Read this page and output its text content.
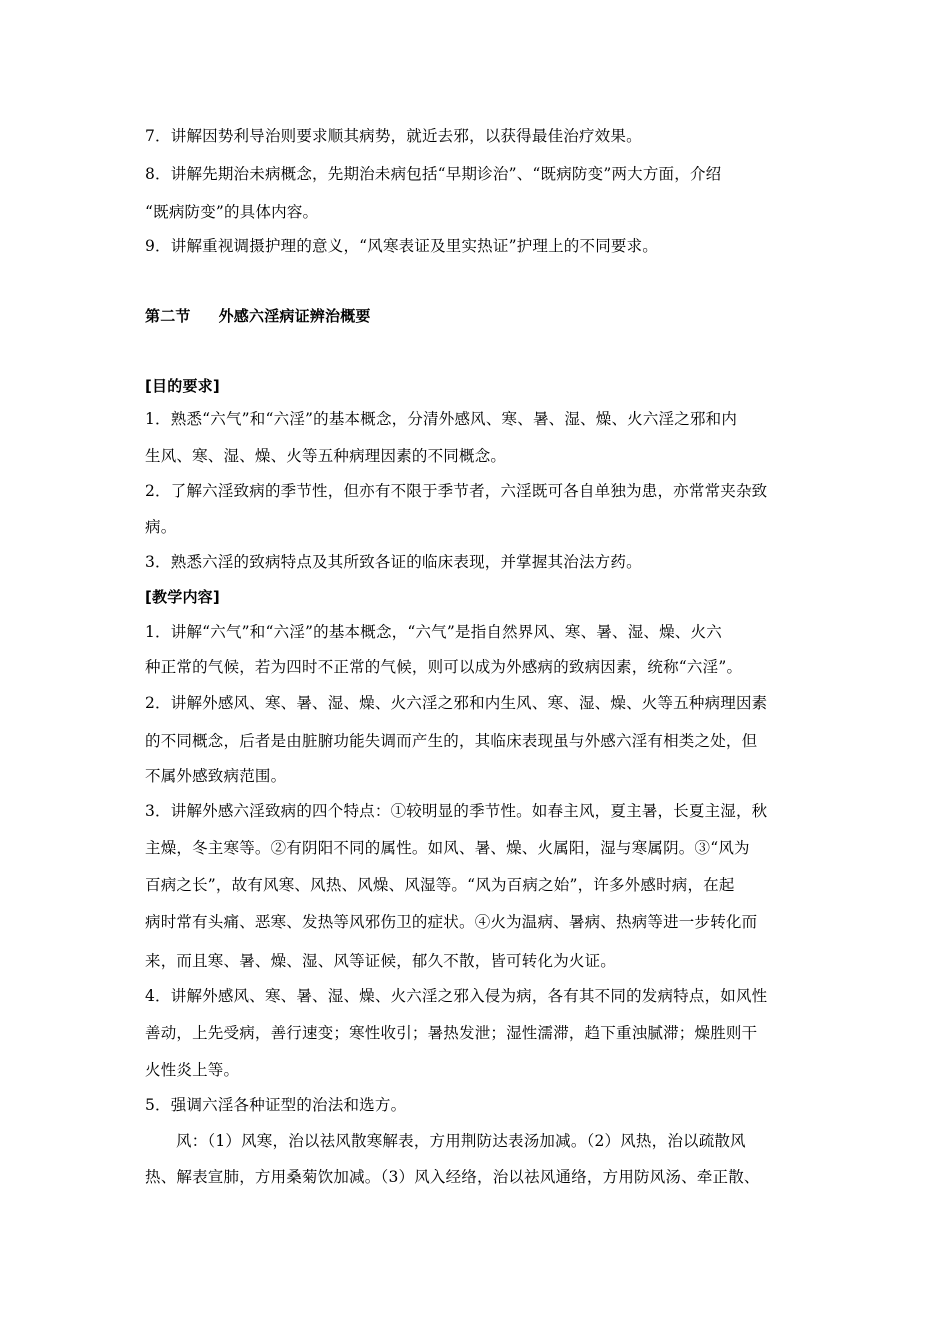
7．讲解因势利导治则要求顺其病势，就近去邪，以获得最佳治疗效果。
8．讲解先期治未病概念，先期治未病包括“早期诊治”、“既病防变”两大方面，介绍
“既病防变”的具体内容。
9．讲解重视调摄护理的意义，“风寒表证及里实热证”护理上的不同要求。
第二节 外感六淫病证辨治概要
[目的要求]
1．熟悉“六气”和“六淫”的基本概念，分清外感风、寒、暑、湿、燥、火六淫之邪和内
生风、寒、湿、燥、火等五种病理因素的不同概念。
2．了解六淫致病的季节性，但亦有不限于季节者，六淫既可各自单独为患，亦常常夹杂致
病。
3．熟悉六淫的致病特点及其所致各证的临床表现，并掌握其治法方药。
[教学内容]
1．讲解“六气”和“六淫”的基本概念，“六气”是指自然界风、寒、暑、湿、燥、火六
种正常的气候，若为四时不正常的气候，则可以成为外感病的致病因素，统称“六淫”。
2．讲解外感风、寒、暑、湿、燥、火六淫之邪和内生风、寒、湿、燥、火等五种病理因素
的不同概念，后者是由脏腑功能失调而产生的，其临床表现虽与外感六淫有相类之处，但
不属外感致病范围。
3．讲解外感六淫致病的四个特点：①较明显的季节性。如春主风，夏主暑，长夏主湿，秋
主燥，冬主寒等。②有阴阳不同的属性。如风、暑、燥、火属阳，湿与寒属阴。③“风为
百病之长”，故有风寒、风热、风燥、风湿等。“风为百病之始”，许多外感时病，在起
病时常有头痛、恶寒、发热等风邪伤卫的症状。④火为温病、暑病、热病等进一步转化而
来，而且寒、暑、燥、湿、风等证候，郁久不散，皆可转化为火证。
4．讲解外感风、寒、暑、湿、燥、火六淫之邪入侵为病，各有其不同的发病特点，如风性
善动，上先受病，善行速变；寒性收引；暑热发泄；湿性濡滞，趋下重浊腻滞；燥胜则干
火性炎上等。
5．强调六淫各种证型的治法和选方。
风：（1）风寒，治以祛风散寒解表，方用荆防达表汤加减。（2）风热，治以疏散风
热、解表宣肺，方用桑菊饮加减。（3）风入经络，治以祛风通络，方用防风汤、牵正散、
